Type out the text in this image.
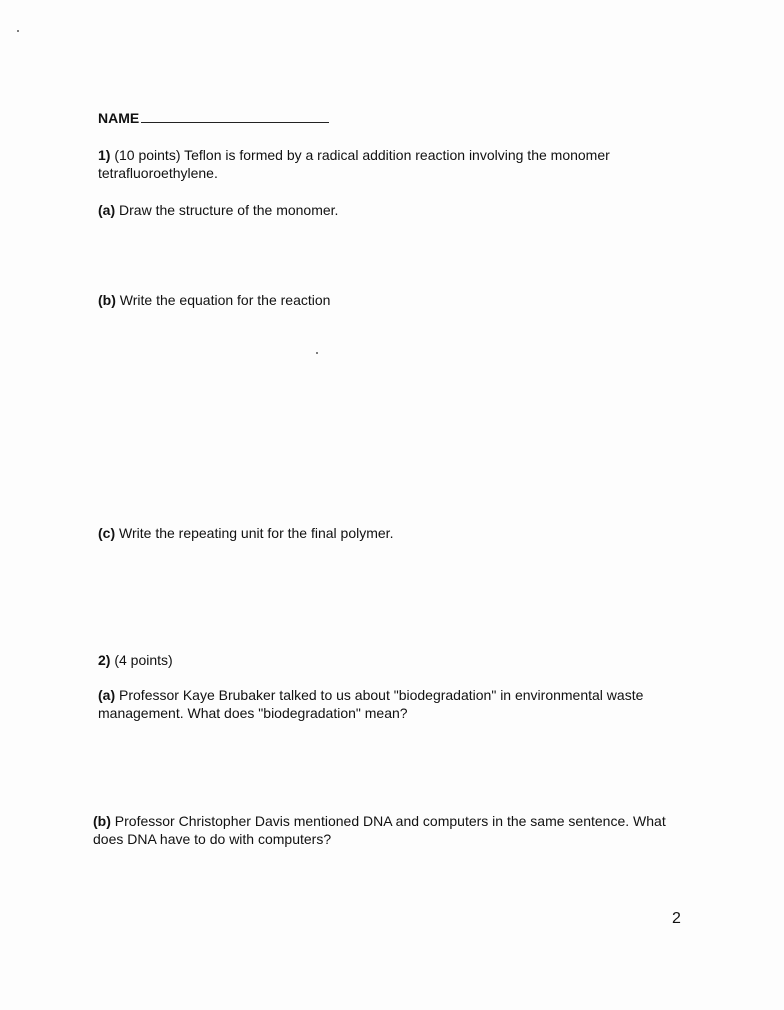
NAME
1) (10 points) Teflon is formed by a radical addition reaction involving the monomer tetrafluoroethylene.
(a) Draw the structure of the monomer.
(b) Write the equation for the reaction
(c) Write the repeating unit for the final polymer.
2) (4 points)
(a) Professor Kaye Brubaker talked to us about "biodegradation" in environmental waste management. What does "biodegradation" mean?
(b) Professor Christopher Davis mentioned DNA and computers in the same sentence. What does DNA have to do with computers?
2
